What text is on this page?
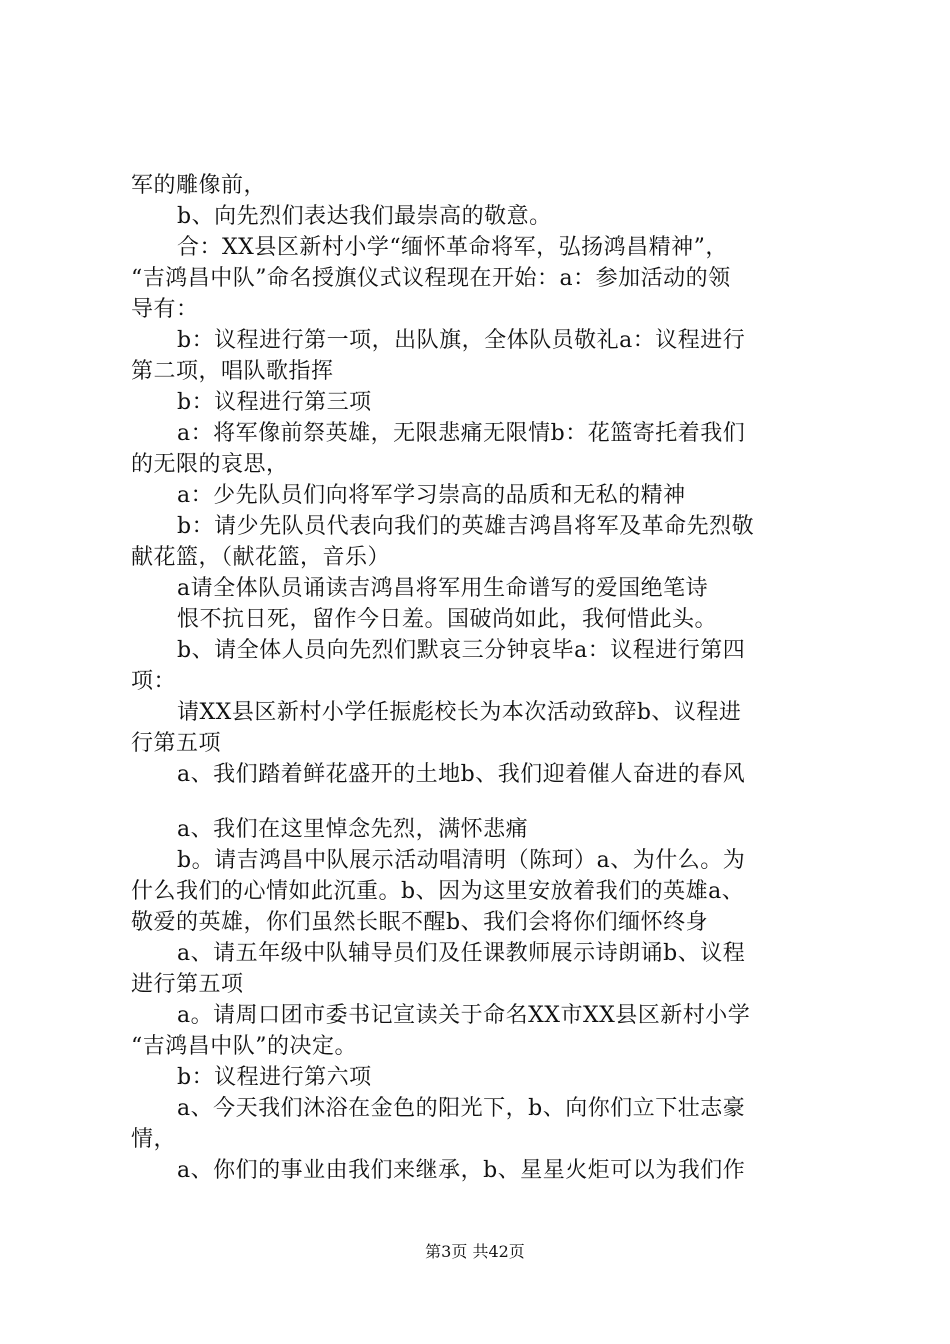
军的雕像前，
b、向先烈们表达我们最崇高的敬意。
合：XX县区新村小学“缅怀革命将军，弘扬鸿昌精神”，
“吉鸿昌中队”命名授旗仪式议程现在开始：a：参加活动的领
导有：
b：议程进行第一项，出队旗，全体队员敬礼a：议程进行
第二项，唱队歌指挥
b：议程进行第三项
a：将军像前祭英雄，无限悲痛无限情b：花篮寄托着我们
的无限的哀思，
a：少先队员们向将军学习崇高的品质和无私的精神
b：请少先队员代表向我们的英雄吉鸿昌将军及革命先烈敬
献花篮，（献花篮，音乐）
a请全体队员诵读吉鸿昌将军用生命谱写的爱国绝笔诗
恨不抗日死，留作今日羞。国破尚如此，我何惜此头。
b、请全体人员向先烈们默哀三分钟哀毕a：议程进行第四
项：
请XX县区新村小学任振彪校长为本次活动致辞b、议程进
行第五项
a、我们踏着鲜花盛开的土地b、我们迎着催人奋进的春风
a、我们在这里悼念先烈，满怀悲痛
b。请吉鸿昌中队展示活动唱清明（陈珂）a、为什么。为
什么我们的心情如此沉重。b、因为这里安放着我们的英雄a、
敬爱的英雄，你们虽然长眠不醒b、我们会将你们缅怀终身
a、请五年级中队辅导员们及任课教师展示诗朗诵b、议程
进行第五项
a。请周口团市委书记宣读关于命名XX市XX县区新村小学
“吉鸿昌中队”的决定。
b：议程进行第六项
a、今天我们沐浴在金色的阳光下，b、向你们立下壮志豪
情，
a、你们的事业由我们来继承，b、星星火炬可以为我们作
第3页 共42页
